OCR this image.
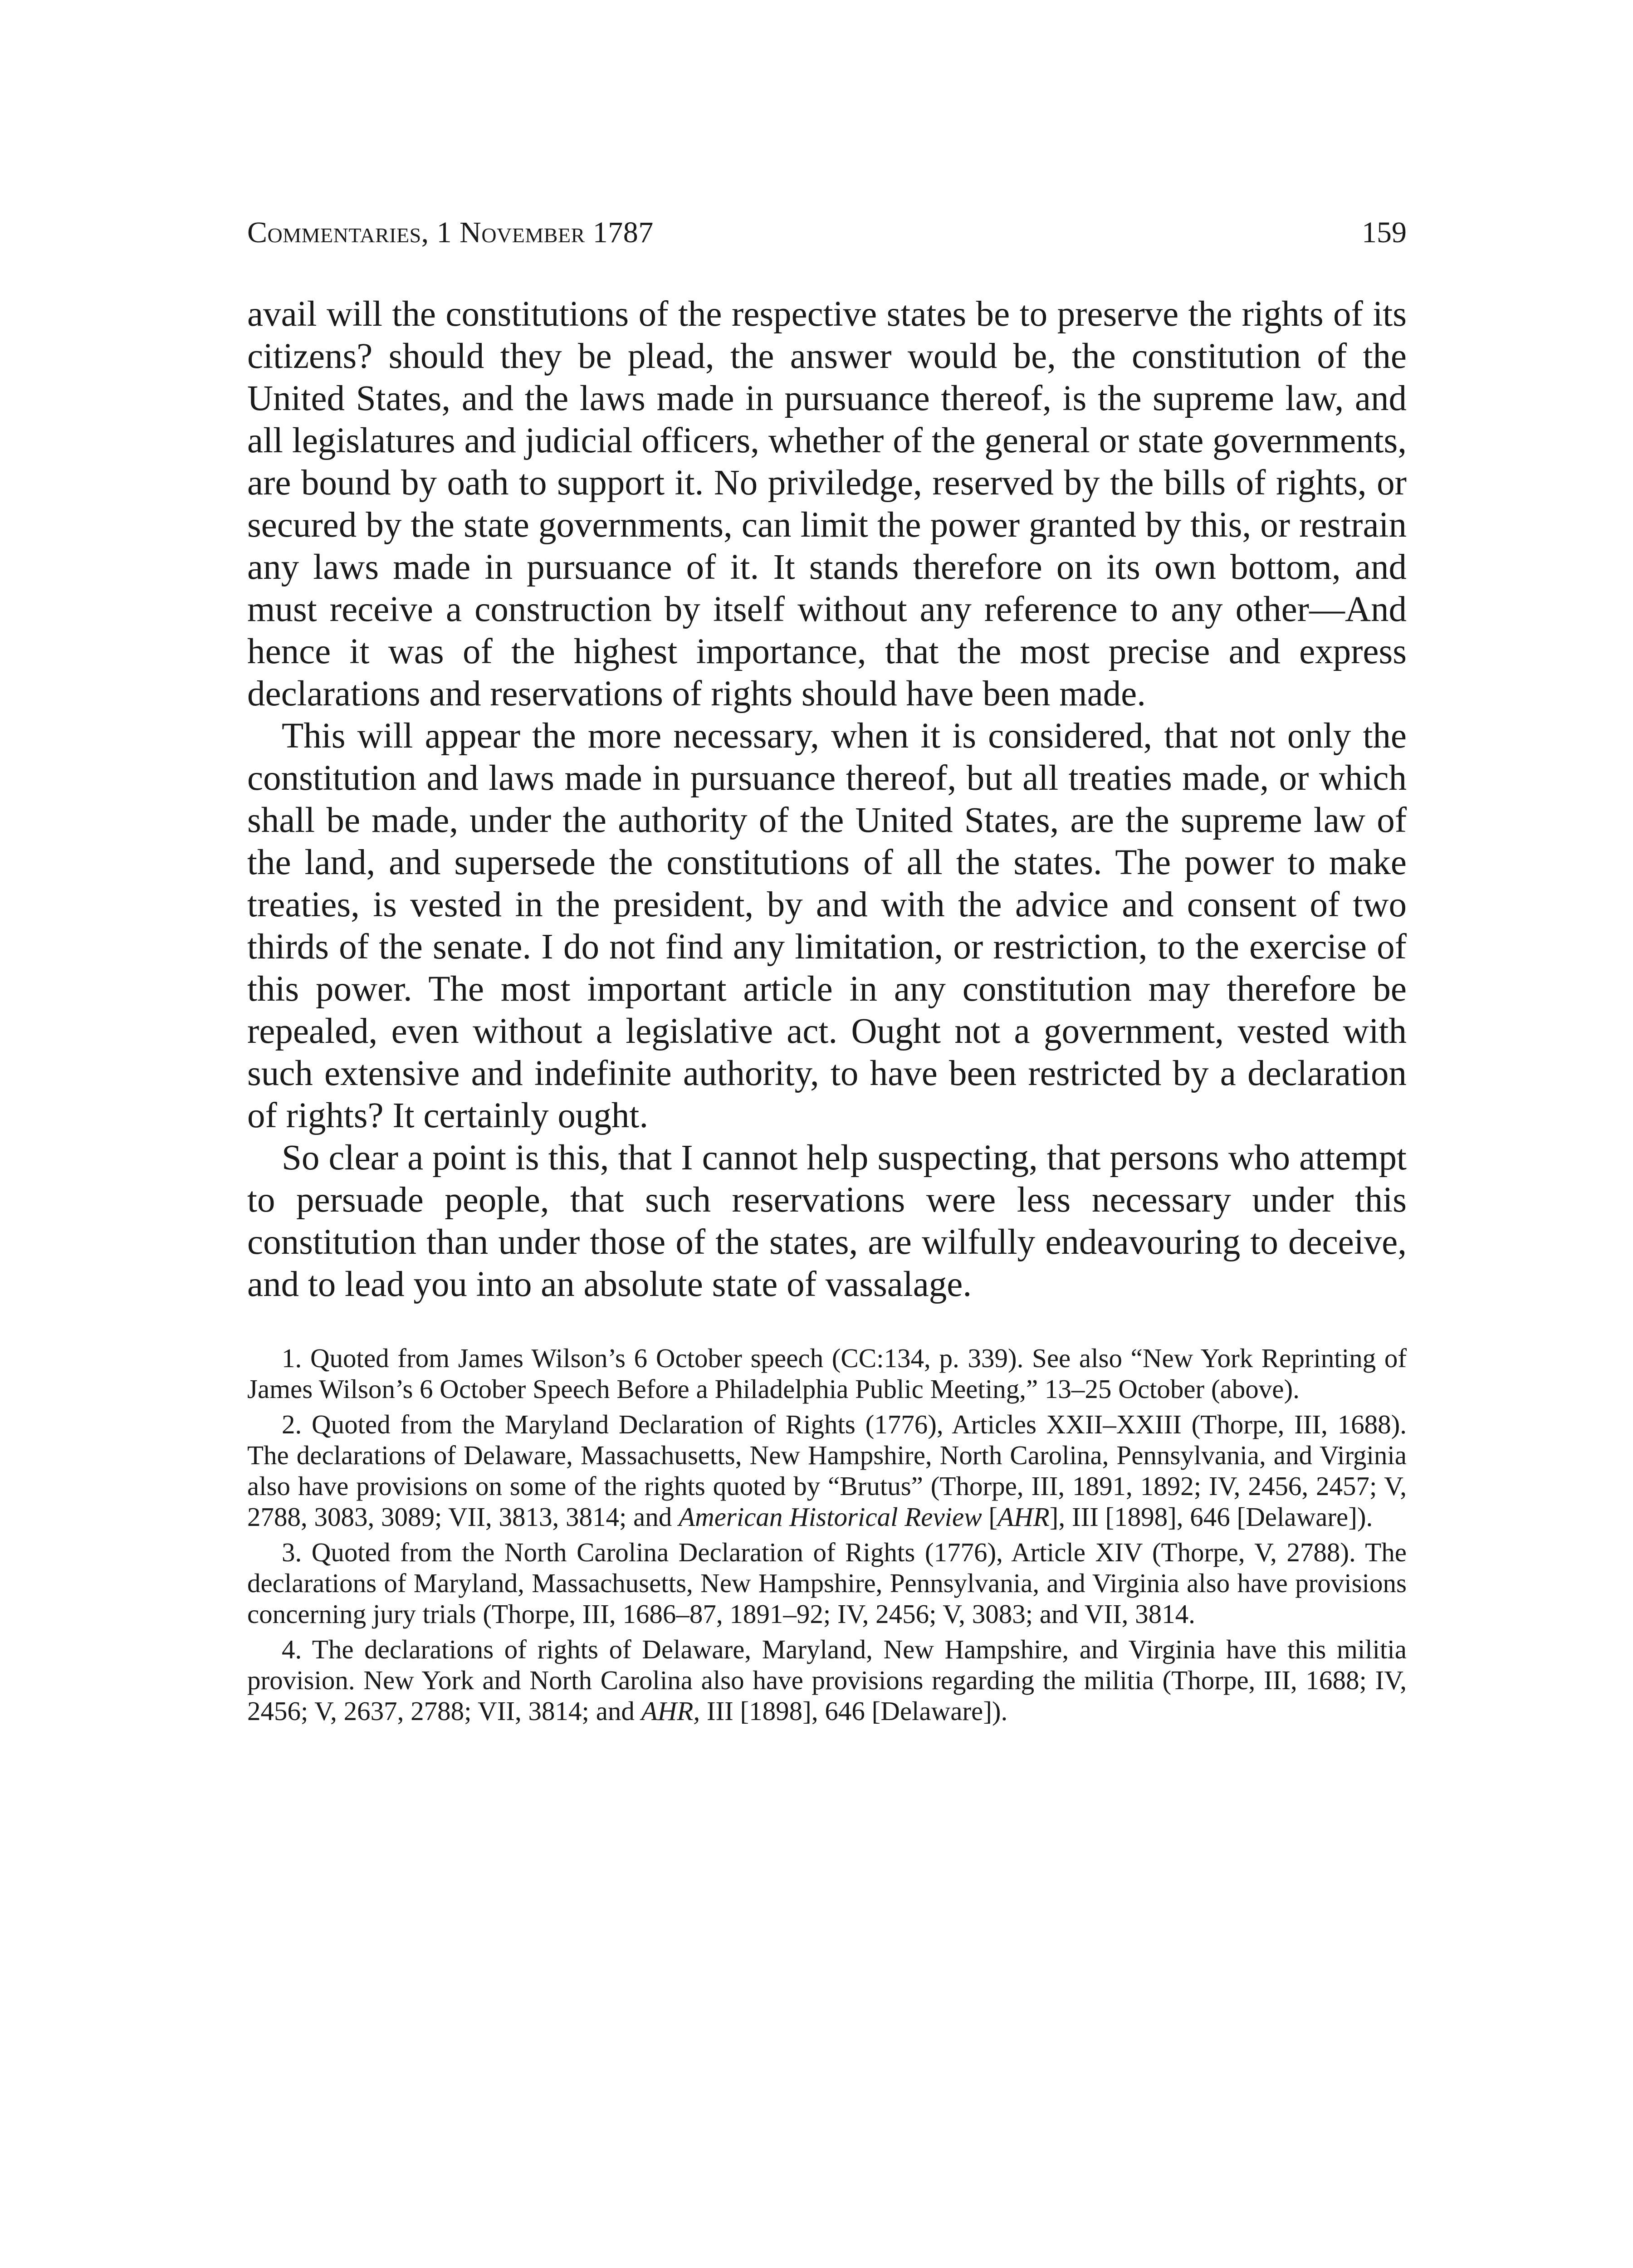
Commentaries, 1 November 1787	159

avail will the constitutions of the respective states be to preserve the rights of its citizens? should they be plead, the answer would be, the constitution of the United States, and the laws made in pursuance thereof, is the supreme law, and all legislatures and judicial officers, whether of the general or state governments, are bound by oath to support it. No priviledge, reserved by the bills of rights, or secured by the state governments, can limit the power granted by this, or restrain any laws made in pursuance of it. It stands therefore on its own bottom, and must receive a construction by itself without any reference to any other—And hence it was of the highest importance, that the most precise and express declarations and reservations of rights should have been made.

This will appear the more necessary, when it is considered, that not only the constitution and laws made in pursuance thereof, but all treaties made, or which shall be made, under the authority of the United States, are the supreme law of the land, and supersede the constitutions of all the states. The power to make treaties, is vested in the president, by and with the advice and consent of two thirds of the senate. I do not find any limitation, or restriction, to the exercise of this power. The most important article in any constitution may therefore be repealed, even without a legislative act. Ought not a government, vested with such extensive and indefinite authority, to have been restricted by a declaration of rights? It certainly ought.

So clear a point is this, that I cannot help suspecting, that persons who attempt to persuade people, that such reservations were less necessary under this constitution than under those of the states, are wilfully endeavouring to deceive, and to lead you into an absolute state of vassalage.

1. Quoted from James Wilson’s 6 October speech (CC:134, p. 339). See also “New York Reprinting of James Wilson’s 6 October Speech Before a Philadelphia Public Meeting,” 13–25 October (above).

2. Quoted from the Maryland Declaration of Rights (1776), Articles XXII–XXIII (Thorpe, III, 1688). The declarations of Delaware, Massachusetts, New Hampshire, North Carolina, Pennsylvania, and Virginia also have provisions on some of the rights quoted by “Brutus” (Thorpe, III, 1891, 1892; IV, 2456, 2457; V, 2788, 3083, 3089; VII, 3813, 3814; and American Historical Review [AHR], III [1898], 646 [Delaware]).

3. Quoted from the North Carolina Declaration of Rights (1776), Article XIV (Thorpe, V, 2788). The declarations of Maryland, Massachusetts, New Hampshire, Pennsylvania, and Virginia also have provisions concerning jury trials (Thorpe, III, 1686–87, 1891–92; IV, 2456; V, 3083; and VII, 3814.

4. The declarations of rights of Delaware, Maryland, New Hampshire, and Virginia have this militia provision. New York and North Carolina also have provisions regarding the militia (Thorpe, III, 1688; IV, 2456; V, 2637, 2788; VII, 3814; and AHR, III [1898], 646 [Delaware]).
